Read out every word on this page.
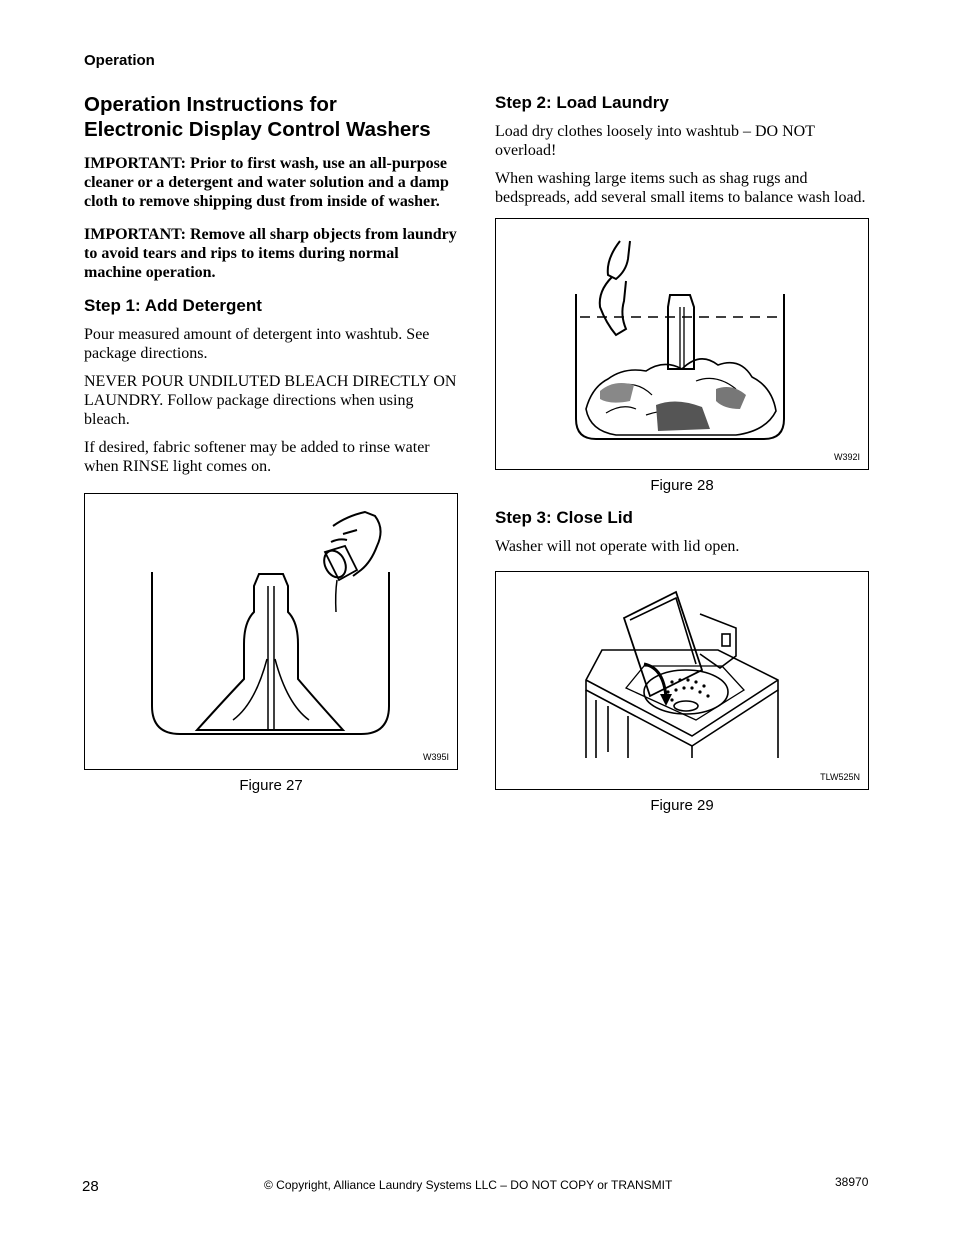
Operation
Operation Instructions for
Electronic Display Control Washers

IMPORTANT: Prior to first wash, use an all-purpose cleaner or a detergent and water solution and a damp cloth to remove shipping dust from inside of washer.

IMPORTANT: Remove all sharp objects from laundry to avoid tears and rips to items during normal machine operation.

Step 1: Add Detergent

Pour measured amount of detergent into washtub. See package directions.

NEVER POUR UNDILUTED BLEACH DIRECTLY ON LAUNDRY. Follow package directions when using bleach.

If desired, fabric softener may be added to rinse water when RINSE light comes on.

W395I
Figure 27
Step 2: Load Laundry

Load dry clothes loosely into washtub – DO NOT overload!

When washing large items such as shag rugs and bedspreads, add several small items to balance wash load.

W392I
Figure 28
Step 3: Close Lid

Washer will not operate with lid open.

TLW525N
Figure 29
28	© Copyright, Alliance Laundry Systems LLC – DO NOT COPY or TRANSMIT	38970
